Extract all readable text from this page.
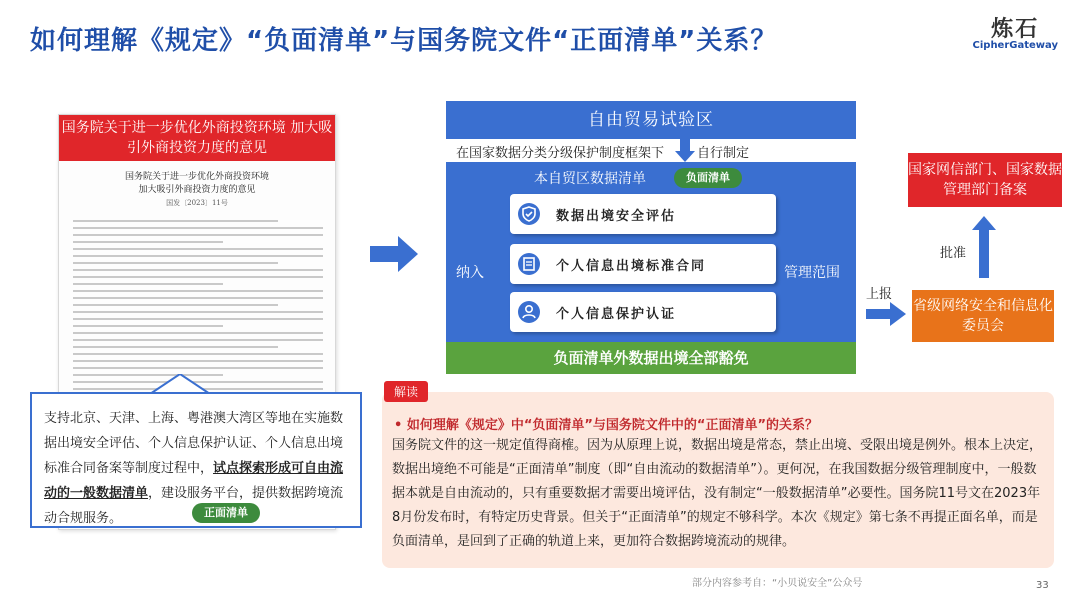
如何理解《规定》“负面清单”与国务院文件“正面清单”关系？	炼石
CipherGateway
国务院关于进一步优化外商投资环境 加大吸引外商投资力度的意见
国务院关于进一步优化外商投资环境
加大吸引外商投资力度的意见
国发〔2023〕11号
支持北京、天津、上海、粤港澳大湾区等地在实施数据出境安全评估、个人信息保护认证、个人信息出境标准合同备案等制度过程中，试点探索形成可自由流动的一般数据清单，建设服务平台，提供数据跨境流动合规服务。	正面清单
自由贸易试验区
在国家数据分类分级保护制度框架下	自行制定
负面清单
本自贸区数据清单
纳入	管理范围
数据出境安全评估
个人信息出境标准合同
个人信息保护认证
负面清单外数据出境全部豁免
国家网信部门、国家数据管理部门备案
批准
上报
省级网络安全和信息化委员会
解读
• 如何理解《规定》中“负面清单”与国务院文件中的“正面清单”的关系？
国务院文件的这一规定值得商榷。因为从原理上说，数据出境是常态，禁止出境、受限出境是例外。根本上决定，数据出境绝不可能是“正面清单”制度（即“自由流动的数据清单”）。更何况，在我国数据分级管理制度中，一般数据本就是自由流动的，只有重要数据才需要出境评估，没有制定“一般数据清单”必要性。国务院11号文在2023年8月份发布时，有特定历史背景。但关于“正面清单”的规定不够科学。本次《规定》第七条不再提正面名单，而是负面清单，是回到了正确的轨道上来，更加符合数据跨境流动的规律。
部分内容参考自：“小贝说安全”公众号	33
